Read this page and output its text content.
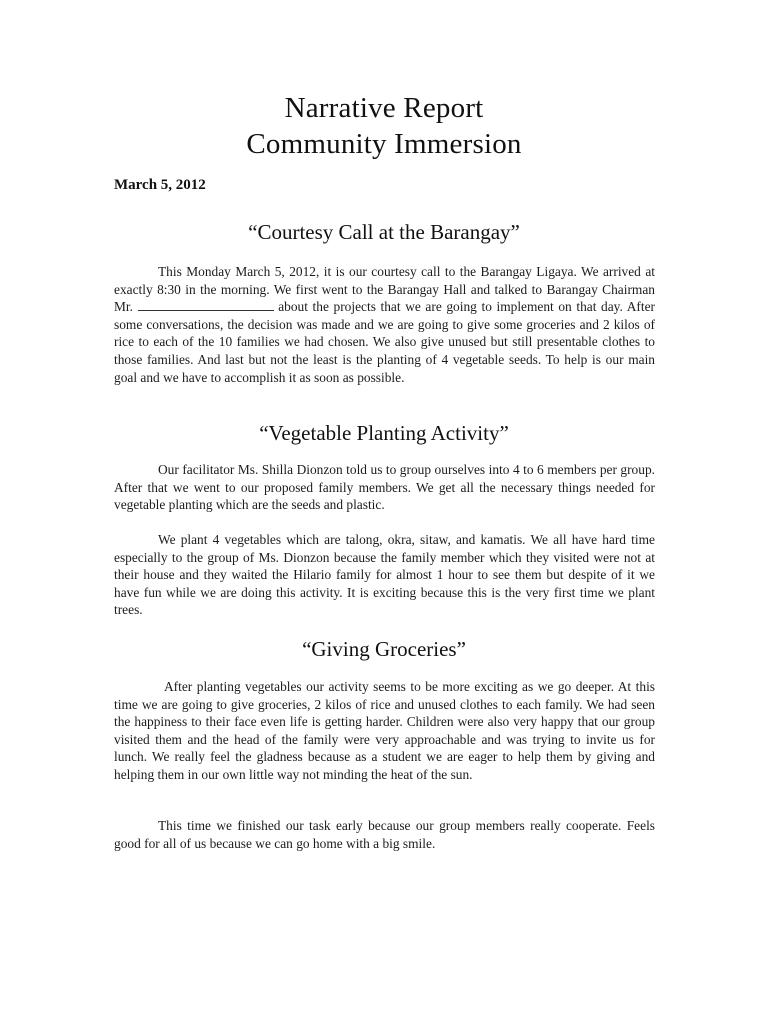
Narrative Report
Community Immersion
March 5, 2012
“Courtesy Call at the Barangay”

This Monday March 5, 2012, it is our courtesy call to the Barangay Ligaya. We arrived at exactly 8:30 in the morning. We first went to the Barangay Hall and talked to Barangay Chairman Mr.	about the projects that we are going to implement on that day. After some conversations, the decision was made and we are going to give some groceries and 2 kilos of rice to each of the 10 families we had chosen. We also give unused but still presentable clothes to those families. And last but not the least is the planting of 4 vegetable seeds. To help is our main goal and we have to accomplish it as soon as possible.

“Vegetable Planting Activity”

Our facilitator Ms. Shilla Dionzon told us to group ourselves into 4 to 6 members per group. After that we went to our proposed family members. We get all the necessary things needed for vegetable planting which are the seeds and plastic.

We plant 4 vegetables which are talong, okra, sitaw, and kamatis. We all have hard time especially to the group of Ms. Dionzon because the family member which they visited were not at their house and they waited the Hilario family for almost 1 hour to see them but despite of it we have fun while we are doing this activity. It is exciting because this is the very first time we plant trees.

“Giving Groceries”

After planting vegetables our activity seems to be more exciting as we go deeper. At this time we are going to give groceries, 2 kilos of rice and unused clothes to each family. We had seen the happiness to their face even life is getting harder. Children were also very happy that our group visited them and the head of the family were very approachable and was trying to invite us for lunch. We really feel the gladness because as a student we are eager to help them by giving and helping them in our own little way not minding the heat of the sun.

This time we finished our task early because our group members really cooperate. Feels good for all of us because we can go home with a big smile.
